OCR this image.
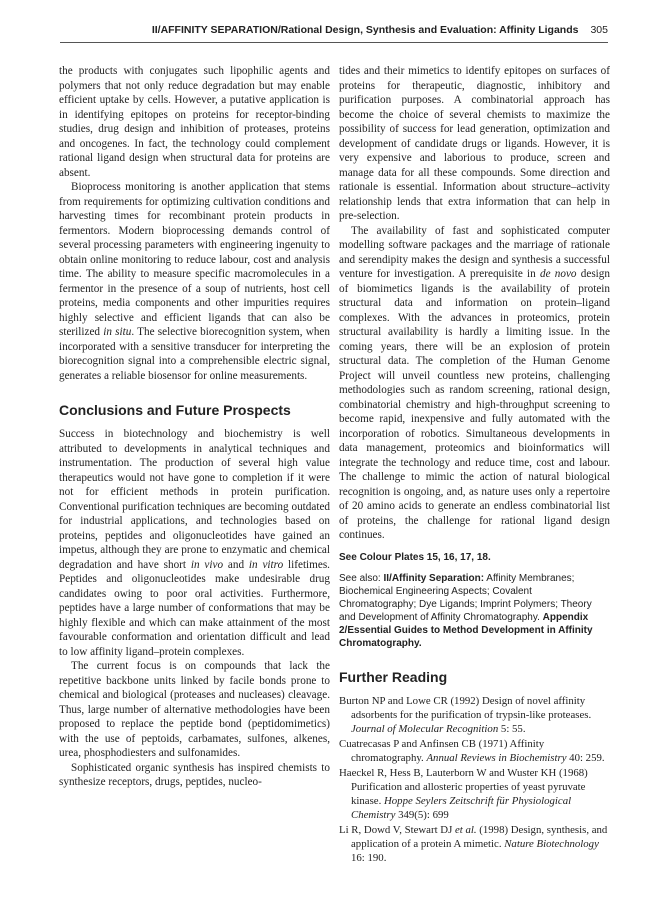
II/AFFINITY SEPARATION/Rational Design, Synthesis and Evaluation: Affinity Ligands 305

the products with conjugates such lipophilic agents and polymers that not only reduce degradation but may enable efficient uptake by cells. However, a putative application is in identifying epitopes on proteins for receptor-binding studies, drug design and inhibition of proteases, proteins and oncogenes. In fact, the technology could complement rational ligand design when structural data for proteins are absent.

Bioprocess monitoring is another application that stems from requirements for optimizing cultivation conditions and harvesting times for recombinant protein products in fermentors. Modern bioprocessing demands control of several processing parameters with engineering ingenuity to obtain online monitoring to reduce labour, cost and analysis time. The ability to measure specific macromolecules in a fermentor in the presence of a soup of nutrients, host cell proteins, media components and other impurities requires highly selective and efficient ligands that can also be sterilized in situ. The selective biorecognition system, when incorporated with a sensitive transducer for interpreting the biorecognition signal into a comprehensible electric signal, generates a reliable biosensor for online measurements.

Conclusions and Future Prospects

Success in biotechnology and biochemistry is well attributed to developments in analytical techniques and instrumentation. The production of several high value therapeutics would not have gone to completion if it were not for efficient methods in protein purification. Conventional purification techniques are becoming outdated for industrial applications, and technologies based on proteins, peptides and oligonucleotides have gained an impetus, although they are prone to enzymatic and chemical degradation and have short in vivo and in vitro lifetimes. Peptides and oligonucleotides make undesirable drug candidates owing to poor oral activities. Furthermore, peptides have a large number of conformations that may be highly flexible and which can make attainment of the most favourable conformation and orientation difficult and lead to low affinity ligand–protein complexes.

The current focus is on compounds that lack the repetitive backbone units linked by facile bonds prone to chemical and biological (proteases and nucleases) cleavage. Thus, large number of alternative methodologies have been proposed to replace the peptide bond (peptidomimetics) with the use of peptoids, carbamates, sulfones, alkenes, urea, phosphodiesters and sulfonamides.

Sophisticated organic synthesis has inspired chemists to synthesize receptors, drugs, peptides, nucleo-

tides and their mimetics to identify epitopes on surfaces of proteins for therapeutic, diagnostic, inhibitory and purification purposes. A combinatorial approach has become the choice of several chemists to maximize the possibility of success for lead generation, optimization and development of candidate drugs or ligands. However, it is very expensive and laborious to produce, screen and manage data for all these compounds. Some direction and rationale is essential. Information about structure–activity relationship lends that extra information that can help in pre-selection.

The availability of fast and sophisticated computer modelling software packages and the marriage of rationale and serendipity makes the design and synthesis a successful venture for investigation. A prerequisite in de novo design of biomimetics ligands is the availability of protein structural data and information on protein–ligand complexes. With the advances in proteomics, protein structural availability is hardly a limiting issue. In the coming years, there will be an explosion of protein structural data. The completion of the Human Genome Project will unveil countless new proteins, challenging methodologies such as random screening, rational design, combinatorial chemistry and high-throughput screening to become rapid, inexpensive and fully automated with the incorporation of robotics. Simultaneous developments in data management, proteomics and bioinformatics will integrate the technology and reduce time, cost and labour. The challenge to mimic the action of natural biological recognition is ongoing, and, as nature uses only a repertoire of 20 amino acids to generate an endless combinatorial list of proteins, the challenge for rational ligand design continues.

See Colour Plates 15, 16, 17, 18.
See also: II/Affinity Separation: Affinity Membranes; Biochemical Engineering Aspects; Covalent Chromatography; Dye Ligands; Imprint Polymers; Theory and Development of Affinity Chromatography. Appendix 2/Essential Guides to Method Development in Affinity Chromatography.
Further Reading
Burton NP and Lowe CR (1992) Design of novel affinity adsorbents for the purification of trypsin-like proteases. Journal of Molecular Recognition 5: 55.
Cuatrecasas P and Anfinsen CB (1971) Affinity chromatography. Annual Reviews in Biochemistry 40: 259.
Haeckel R, Hess B, Lauterborn W and Wuster KH (1968) Purification and allosteric properties of yeast pyruvate kinase. Hoppe Seylers Zeitschrift für Physiological Chemistry 349(5): 699
Li R, Dowd V, Stewart DJ et al. (1998) Design, synthesis, and application of a protein A mimetic. Nature Biotechnology 16: 190.
